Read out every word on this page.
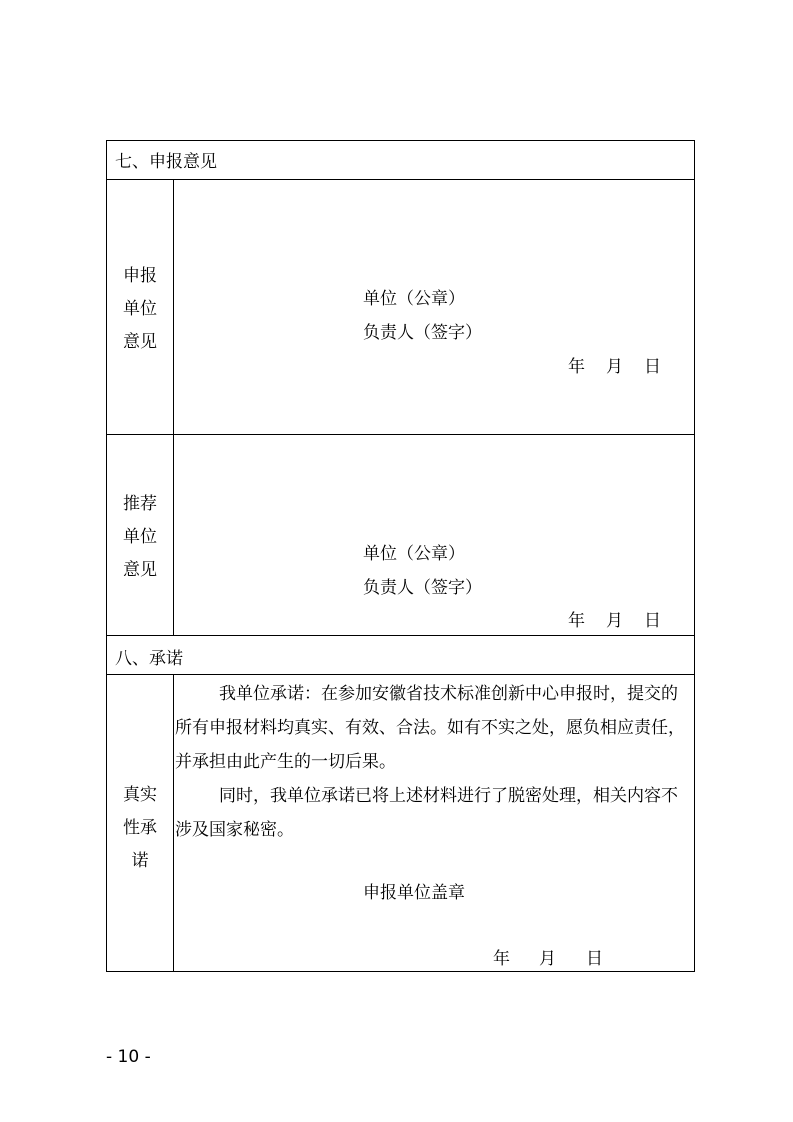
七、申报意见
申报
单位
意见
单位（公章）
负责人（签字）
年 月 日
推荐
单位
意见
单位（公章）
负责人（签字）
年 月 日
八、承诺
真实
性承
诺

我单位承诺：在参加安徽省技术标准创新中心申报时，提交的所有申报材料均真实、有效、合法。如有不实之处，愿负相应责任，并承担由此产生的一切后果。

同时，我单位承诺已将上述材料进行了脱密处理，相关内容不涉及国家秘密。

申报单位盖章
年 月 日
- 10 -
